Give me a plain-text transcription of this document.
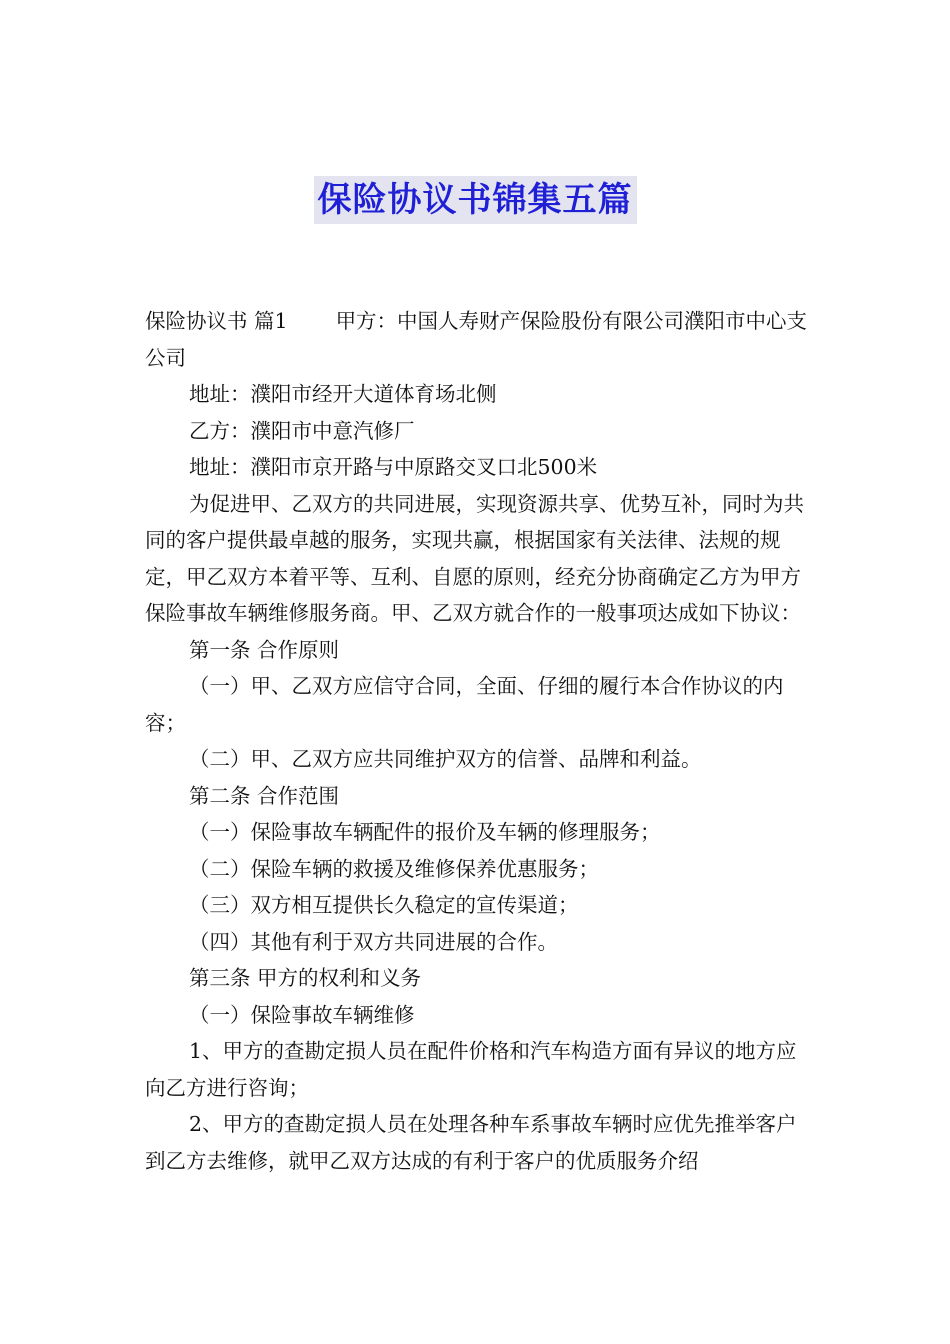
保险协议书锦集五篇

保险协议书 篇1 甲方：中国人寿财产保险股份有限公司濮阳市中心支公司

地址：濮阳市经开大道体育场北侧

乙方：濮阳市中意汽修厂

地址：濮阳市京开路与中原路交叉口北500米

为促进甲、乙双方的共同进展，实现资源共享、优势互补，同时为共同的客户提供最卓越的服务，实现共赢，根据国家有关法律、法规的规定，甲乙双方本着平等、互利、自愿的原则，经充分协商确定乙方为甲方保险事故车辆维修服务商。甲、乙双方就合作的一般事项达成如下协议：

第一条 合作原则

（一）甲、乙双方应信守合同，全面、仔细的履行本合作协议的内容；

（二）甲、乙双方应共同维护双方的信誉、品牌和利益。

第二条 合作范围

（一）保险事故车辆配件的报价及车辆的修理服务；

（二）保险车辆的救援及维修保养优惠服务；

（三）双方相互提供长久稳定的宣传渠道；

（四）其他有利于双方共同进展的合作。

第三条 甲方的权利和义务

（一）保险事故车辆维修

1、甲方的查勘定损人员在配件价格和汽车构造方面有异议的地方应向乙方进行咨询；

2、甲方的查勘定损人员在处理各种车系事故车辆时应优先推举客户到乙方去维修，就甲乙双方达成的有利于客户的优质服务介绍
